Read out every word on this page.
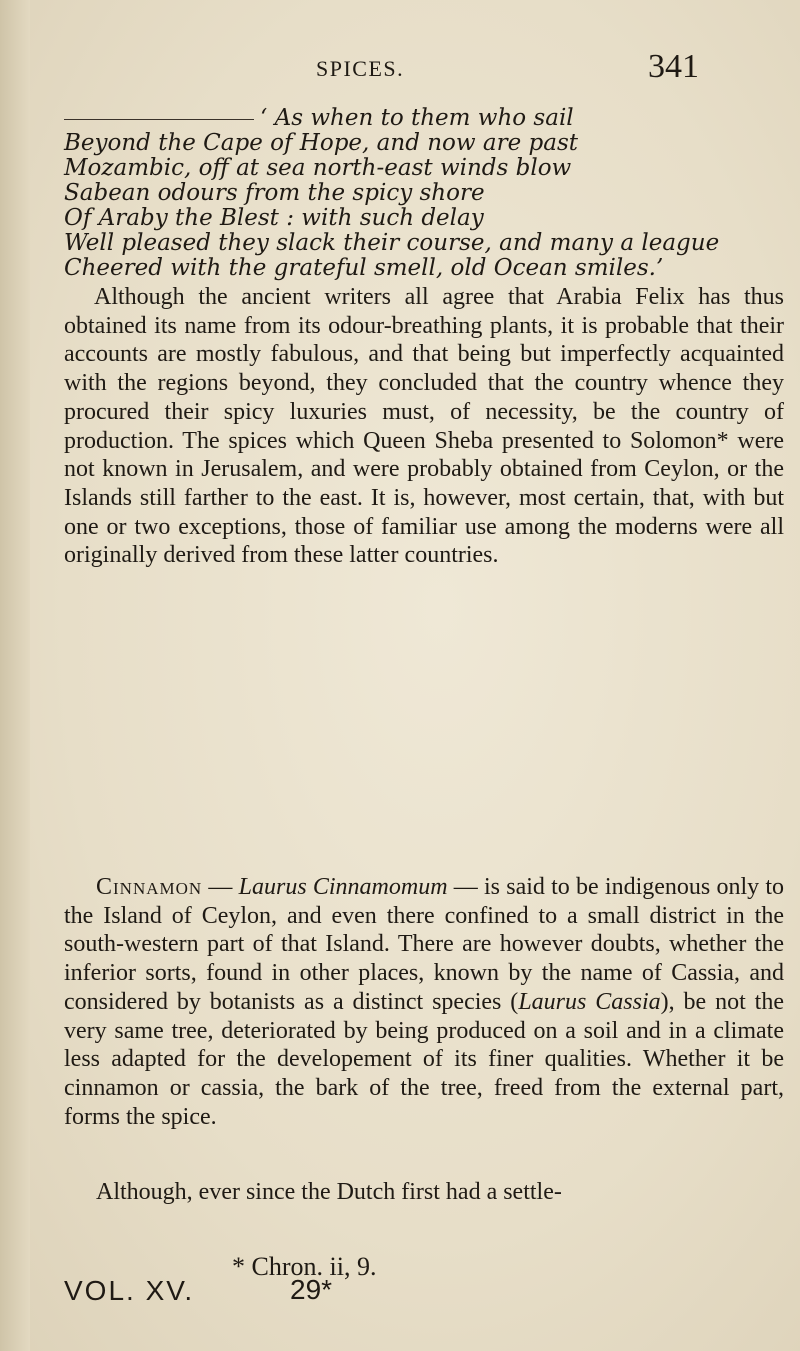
SPICES.	341
‘ As when to them who sail
Beyond the Cape of Hope, and now are past
Mozambic, off at sea north-east winds blow
Sabean odours from the spicy shore
Of Araby the Blest : with such delay
Well pleased they slack their course, and many a league
Cheered with the grateful smell, old Ocean smiles.’

Although the ancient writers all agree that Arabia Felix has thus obtained its name from its odour-breathing plants, it is probable that their accounts are mostly fabulous, and that being but imperfectly acquainted with the regions beyond, they concluded that the country whence they procured their spicy luxuries must, of necessity, be the country of production. The spices which Queen Sheba presented to Solomon* were not known in Jerusalem, and were probably obtained from Ceylon, or the Islands still farther to the east. It is, however, most certain, that, with but one or two exceptions, those of familiar use among the moderns were all originally derived from these latter countries.

Cinnamon — Laurus Cinnamomum — is said to be indigenous only to the Island of Ceylon, and even there confined to a small district in the south-western part of that Island. There are however doubts, whether the inferior sorts, found in other places, known by the name of Cassia, and considered by botanists as a distinct species (Laurus Cassia), be not the very same tree, deteriorated by being produced on a soil and in a climate less adapted for the developement of its finer qualities. Whether it be cinnamon or cassia, the bark of the tree, freed from the external part, forms the spice.

Although, ever since the Dutch first had a settle-

* Chron. ii, 9.
VOL. XV.	29*
